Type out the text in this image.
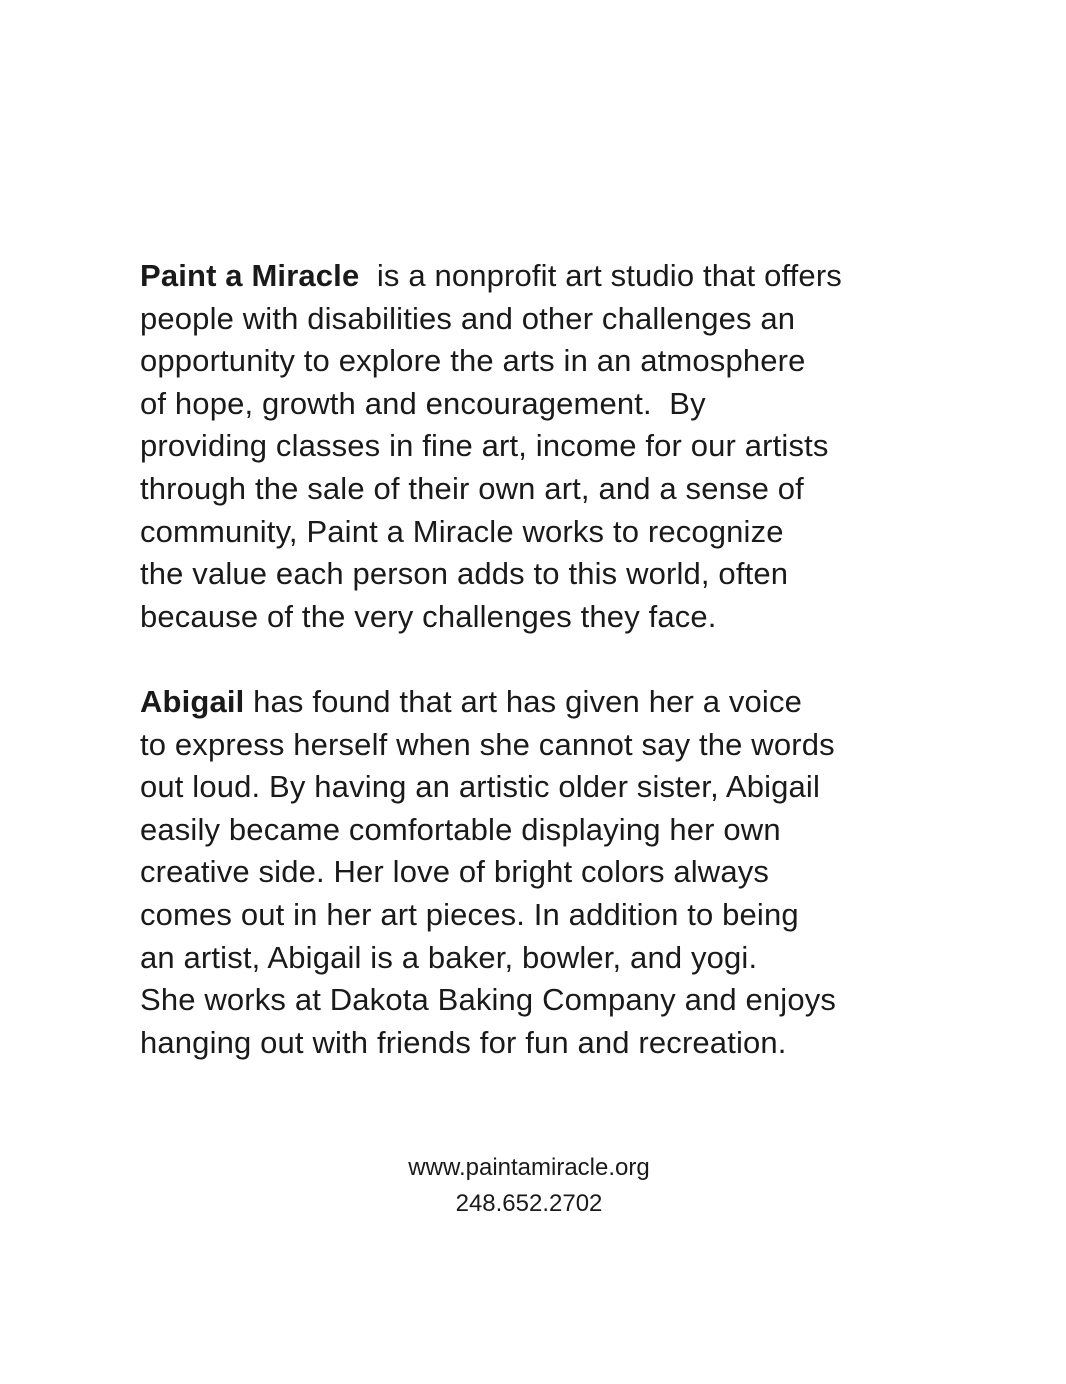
Paint a Miracle  is a nonprofit art studio that offers
people with disabilities and other challenges an
opportunity to explore the arts in an atmosphere
of hope, growth and encouragement.  By
providing classes in fine art, income for our artists
through the sale of their own art, and a sense of
community, Paint a Miracle works to recognize
the value each person adds to this world, often
because of the very challenges they face.
Abigail has found that art has given her a voice
to express herself when she cannot say the words
out loud. By having an artistic older sister, Abigail
easily became comfortable displaying her own
creative side. Her love of bright colors always
comes out in her art pieces. In addition to being
an artist, Abigail is a baker, bowler, and yogi.
She works at Dakota Baking Company and enjoys
hanging out with friends for fun and recreation.
www.paintamiracle.org
248.652.2702
